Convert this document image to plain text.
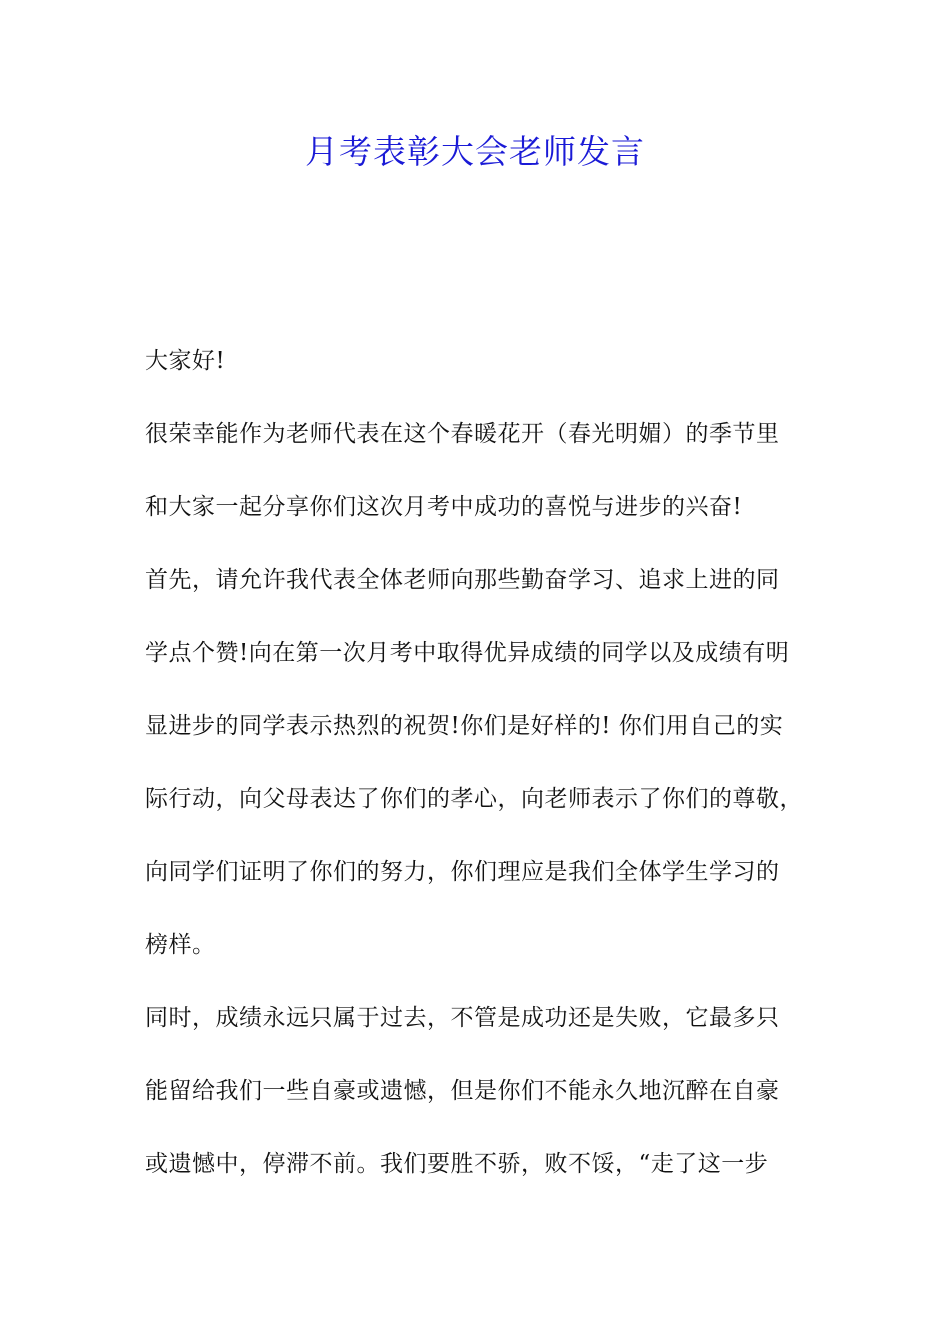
月考表彰大会老师发言
大家好!
很荣幸能作为老师代表在这个春暖花开（春光明媚）的季节里
和大家一起分享你们这次月考中成功的喜悦与进步的兴奋!
首先，请允许我代表全体老师向那些勤奋学习、追求上进的同
学点个赞!向在第一次月考中取得优异成绩的同学以及成绩有明
显进步的同学表示热烈的祝贺!你们是好样的! 你们用自己的实
际行动，向父母表达了你们的孝心，向老师表示了你们的尊敬，
向同学们证明了你们的努力，你们理应是我们全体学生学习的
榜样。
同时，成绩永远只属于过去，不管是成功还是失败，它最多只
能留给我们一些自豪或遗憾，但是你们不能永久地沉醉在自豪
或遗憾中，停滞不前。我们要胜不骄，败不馁，“走了这一步
